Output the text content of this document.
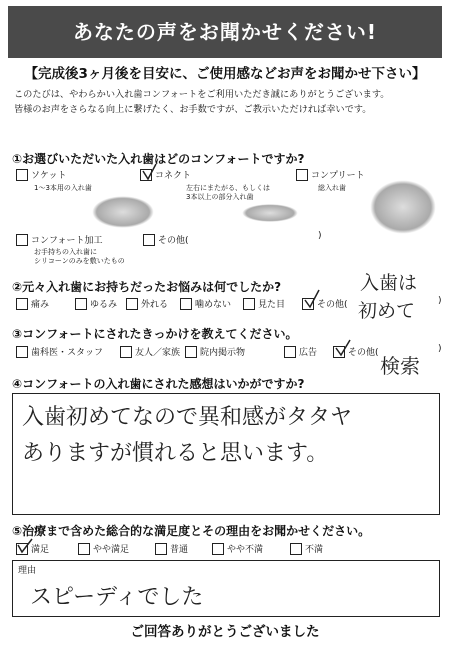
あなたの声をお聞かせください!
【完成後3ヶ月後を目安に、ご使用感などお声をお聞かせ下さい】
このたびは、やわらかい入れ歯コンフォートをご利用いただき誠にありがとうございます。
皆様のお声をさらなる向上に繋げたく、お手数ですが、ご教示いただければ幸いです。
①お選びいただいた入れ歯はどのコンフォートですか?
ソケット
1〜3本用の入れ歯
コネクト
左右にまたがる、もしくは
3本以上の部分入れ歯
コンプリート
総入れ歯
コンフォート加工
お手持ちの入れ歯に
シリコーンのみを敷いたもの
その他(	)
②元々入れ歯にお持ちだったお悩みは何でしたか?
痛み	ゆるみ	外れる	噛めない	見た目	その他(	)
入歯は
初めて
③コンフォートにされたきっかけを教えてください。
歯科医・スタッフ	友人／家族 院内掲示物	広告	その他(	)
検索
④コンフォートの入れ歯にされた感想はいかがですか?
入歯初めてなので異和感がタタヤ
ありますが慣れると思います。
⑤治療まで含めた総合的な満足度とその理由をお聞かせください。
満足	やや満足	普通	やや不満	不満
理由
スピーディでした
ご回答ありがとうございました
